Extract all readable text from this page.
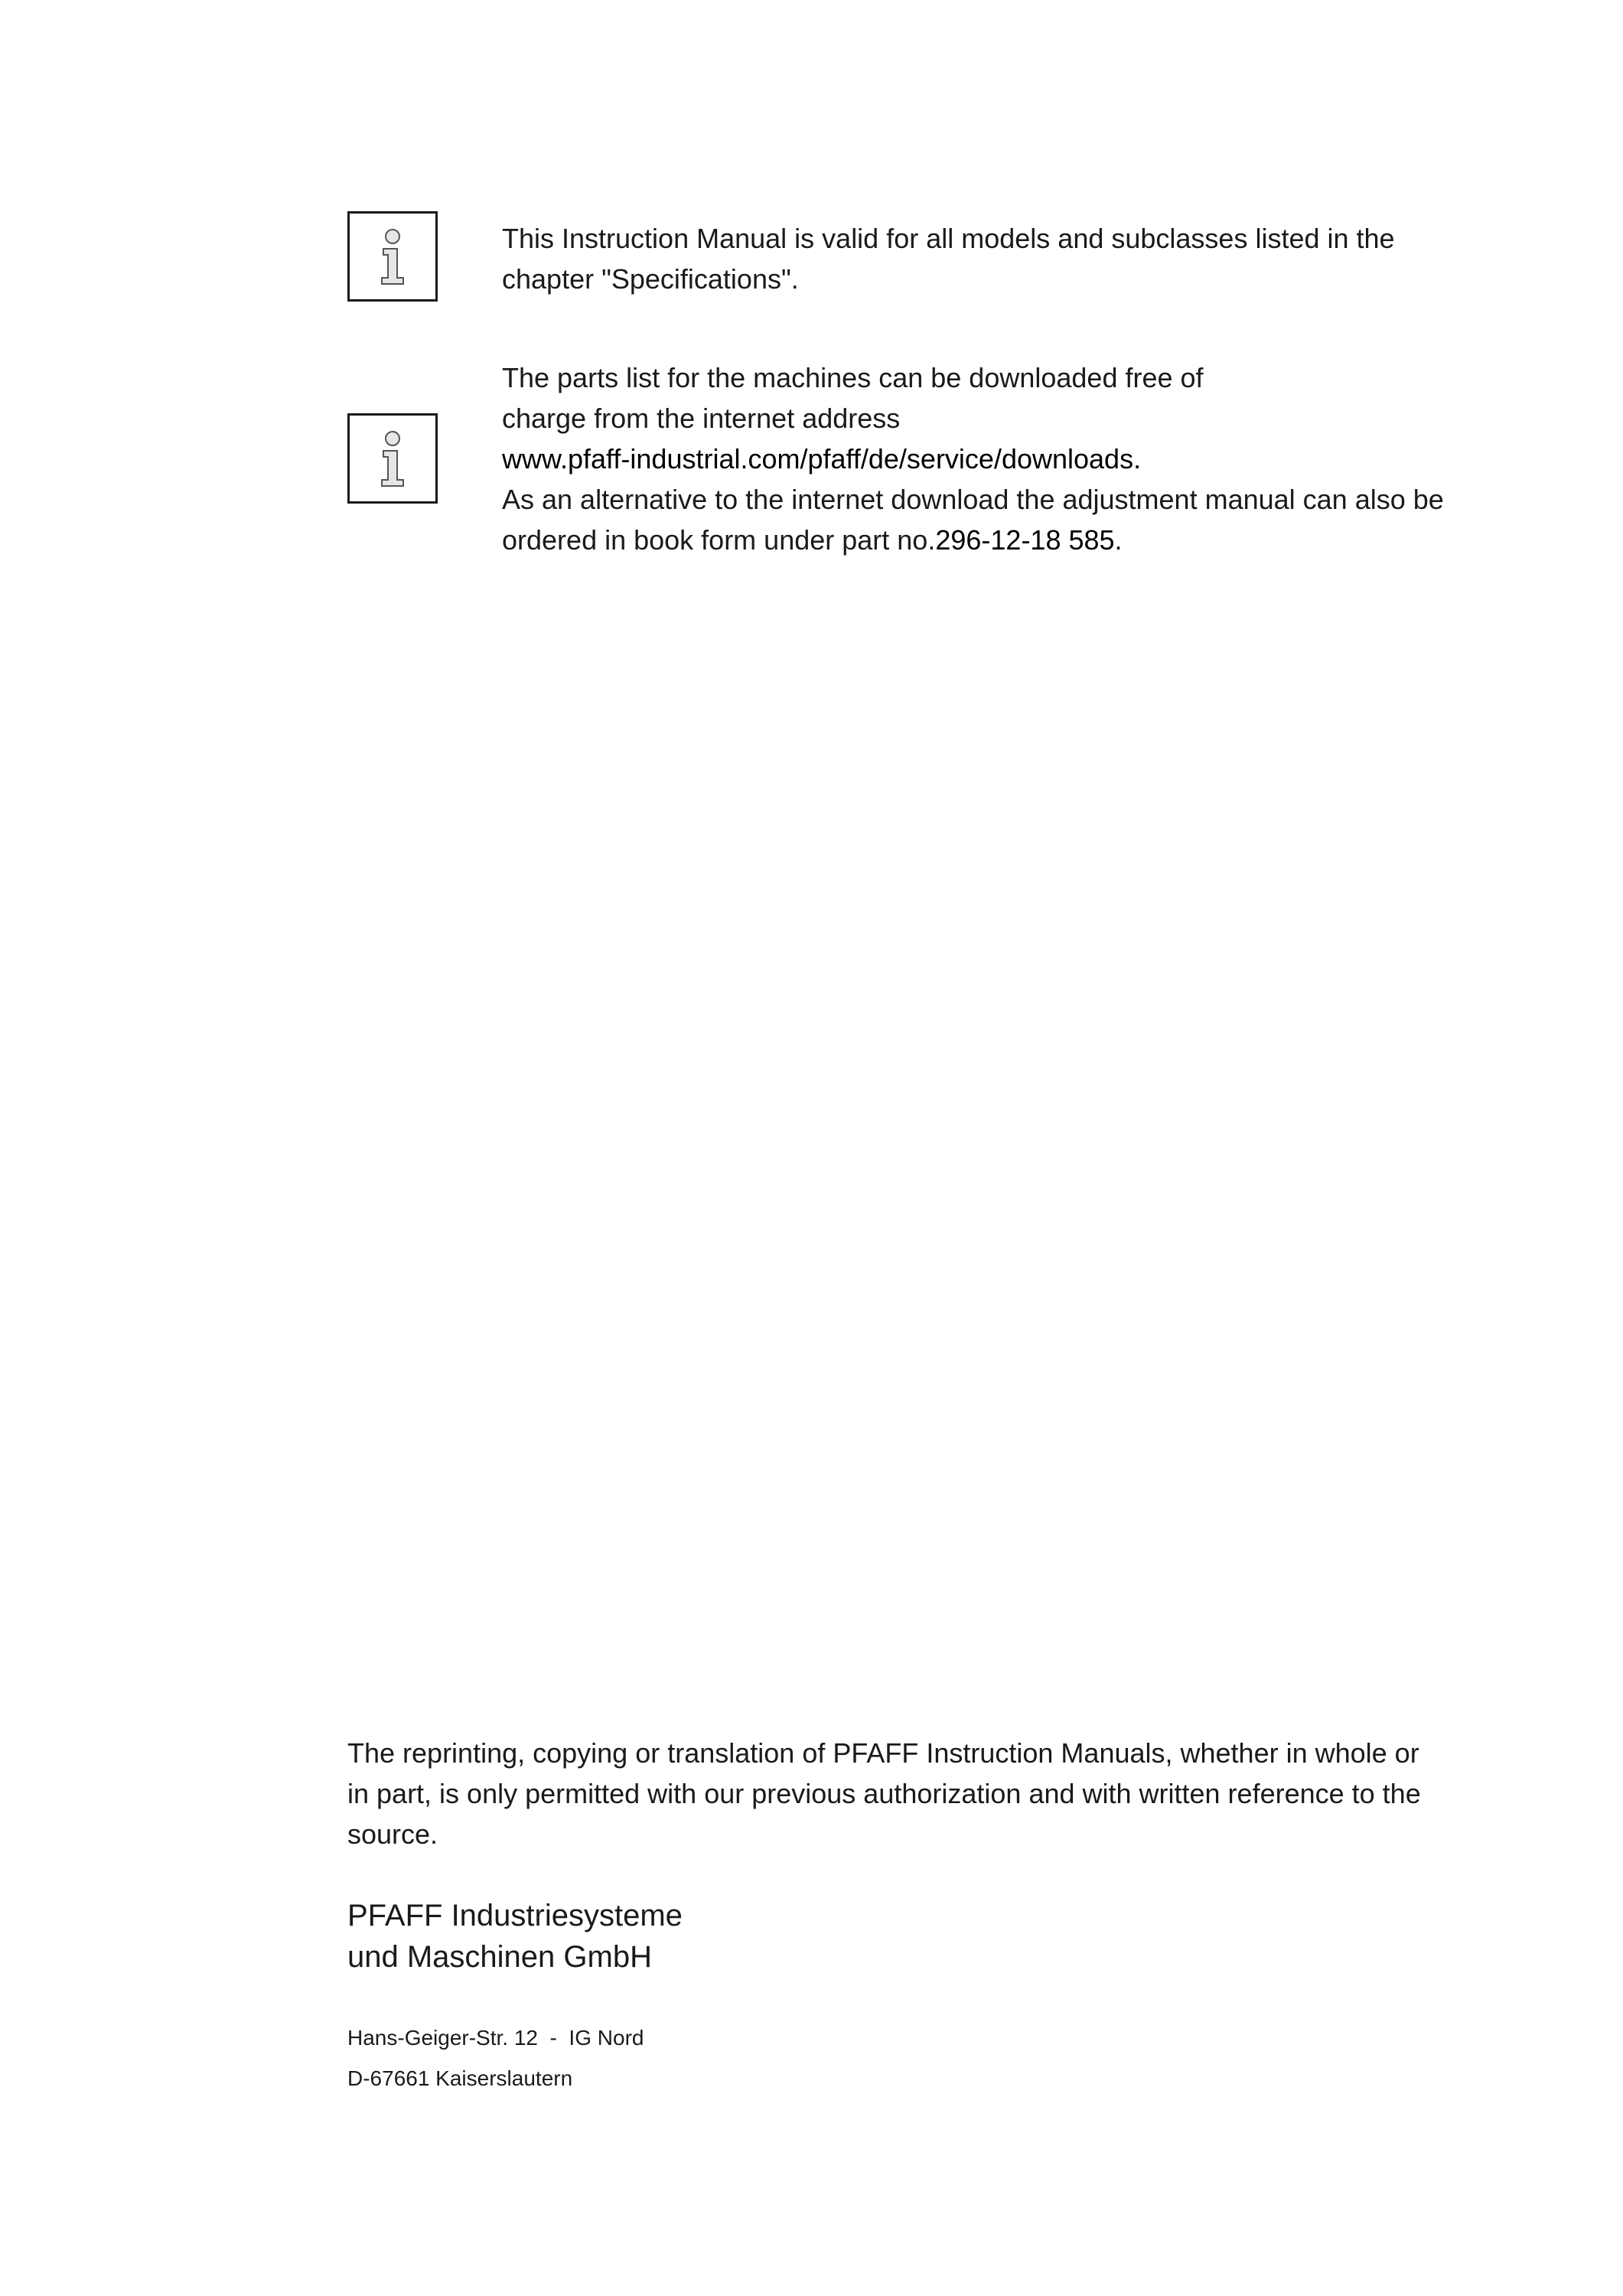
This Instruction Manual is valid for all models and subclasses listed in the

chapter "Specifications".

The parts list for the machines can be downloaded free of

charge from the internet address

www.pfaff-industrial.com/pfaff/de/service/downloads.

As an alternative to the internet download the adjustment manual can also be

ordered in book form under part no.296-12-18 585.

The reprinting, copying or translation of PFAFF Instruction Manuals, whether in whole or
in part, is only permitted with our previous authorization and with written reference to the
source.
PFAFF Industriesysteme
und Maschinen GmbH
Hans-Geiger-Str. 12  -  IG Nord
D-67661 Kaiserslautern
